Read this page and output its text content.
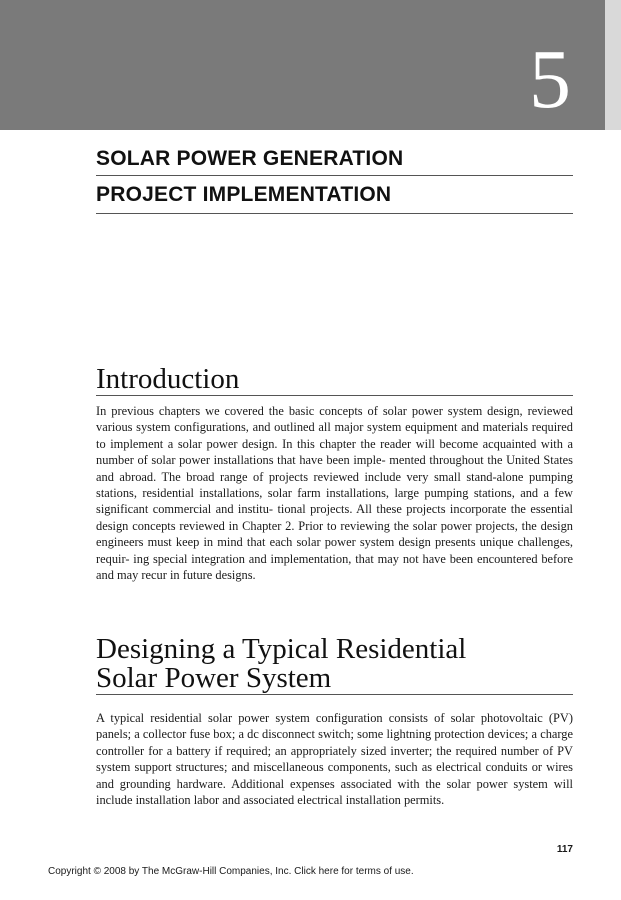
5
SOLAR POWER GENERATION
PROJECT IMPLEMENTATION
Introduction

In previous chapters we covered the basic concepts of solar power system design, reviewed various system configurations, and outlined all major system equipment and materials required to implement a solar power design. In this chapter the reader will become acquainted with a number of solar power installations that have been imple- mented throughout the United States and abroad. The broad range of projects reviewed include very small stand-alone pumping stations, residential installations, solar farm installations, large pumping stations, and a few significant commercial and institu- tional projects. All these projects incorporate the essential design concepts reviewed in Chapter 2. Prior to reviewing the solar power projects, the design engineers must keep in mind that each solar power system design presents unique challenges, requir- ing special integration and implementation, that may not have been encountered before and may recur in future designs.

Designing a Typical Residential
Solar Power System

A typical residential solar power system configuration consists of solar photovoltaic (PV) panels; a collector fuse box; a dc disconnect switch; some lightning protection devices; a charge controller for a battery if required; an appropriately sized inverter; the required number of PV system support structures; and miscellaneous components, such as electrical conduits or wires and grounding hardware. Additional expenses associated with the solar power system will include installation labor and associated electrical installation permits.

117
Copyright © 2008 by The McGraw-Hill Companies, Inc. Click here for terms of use.
